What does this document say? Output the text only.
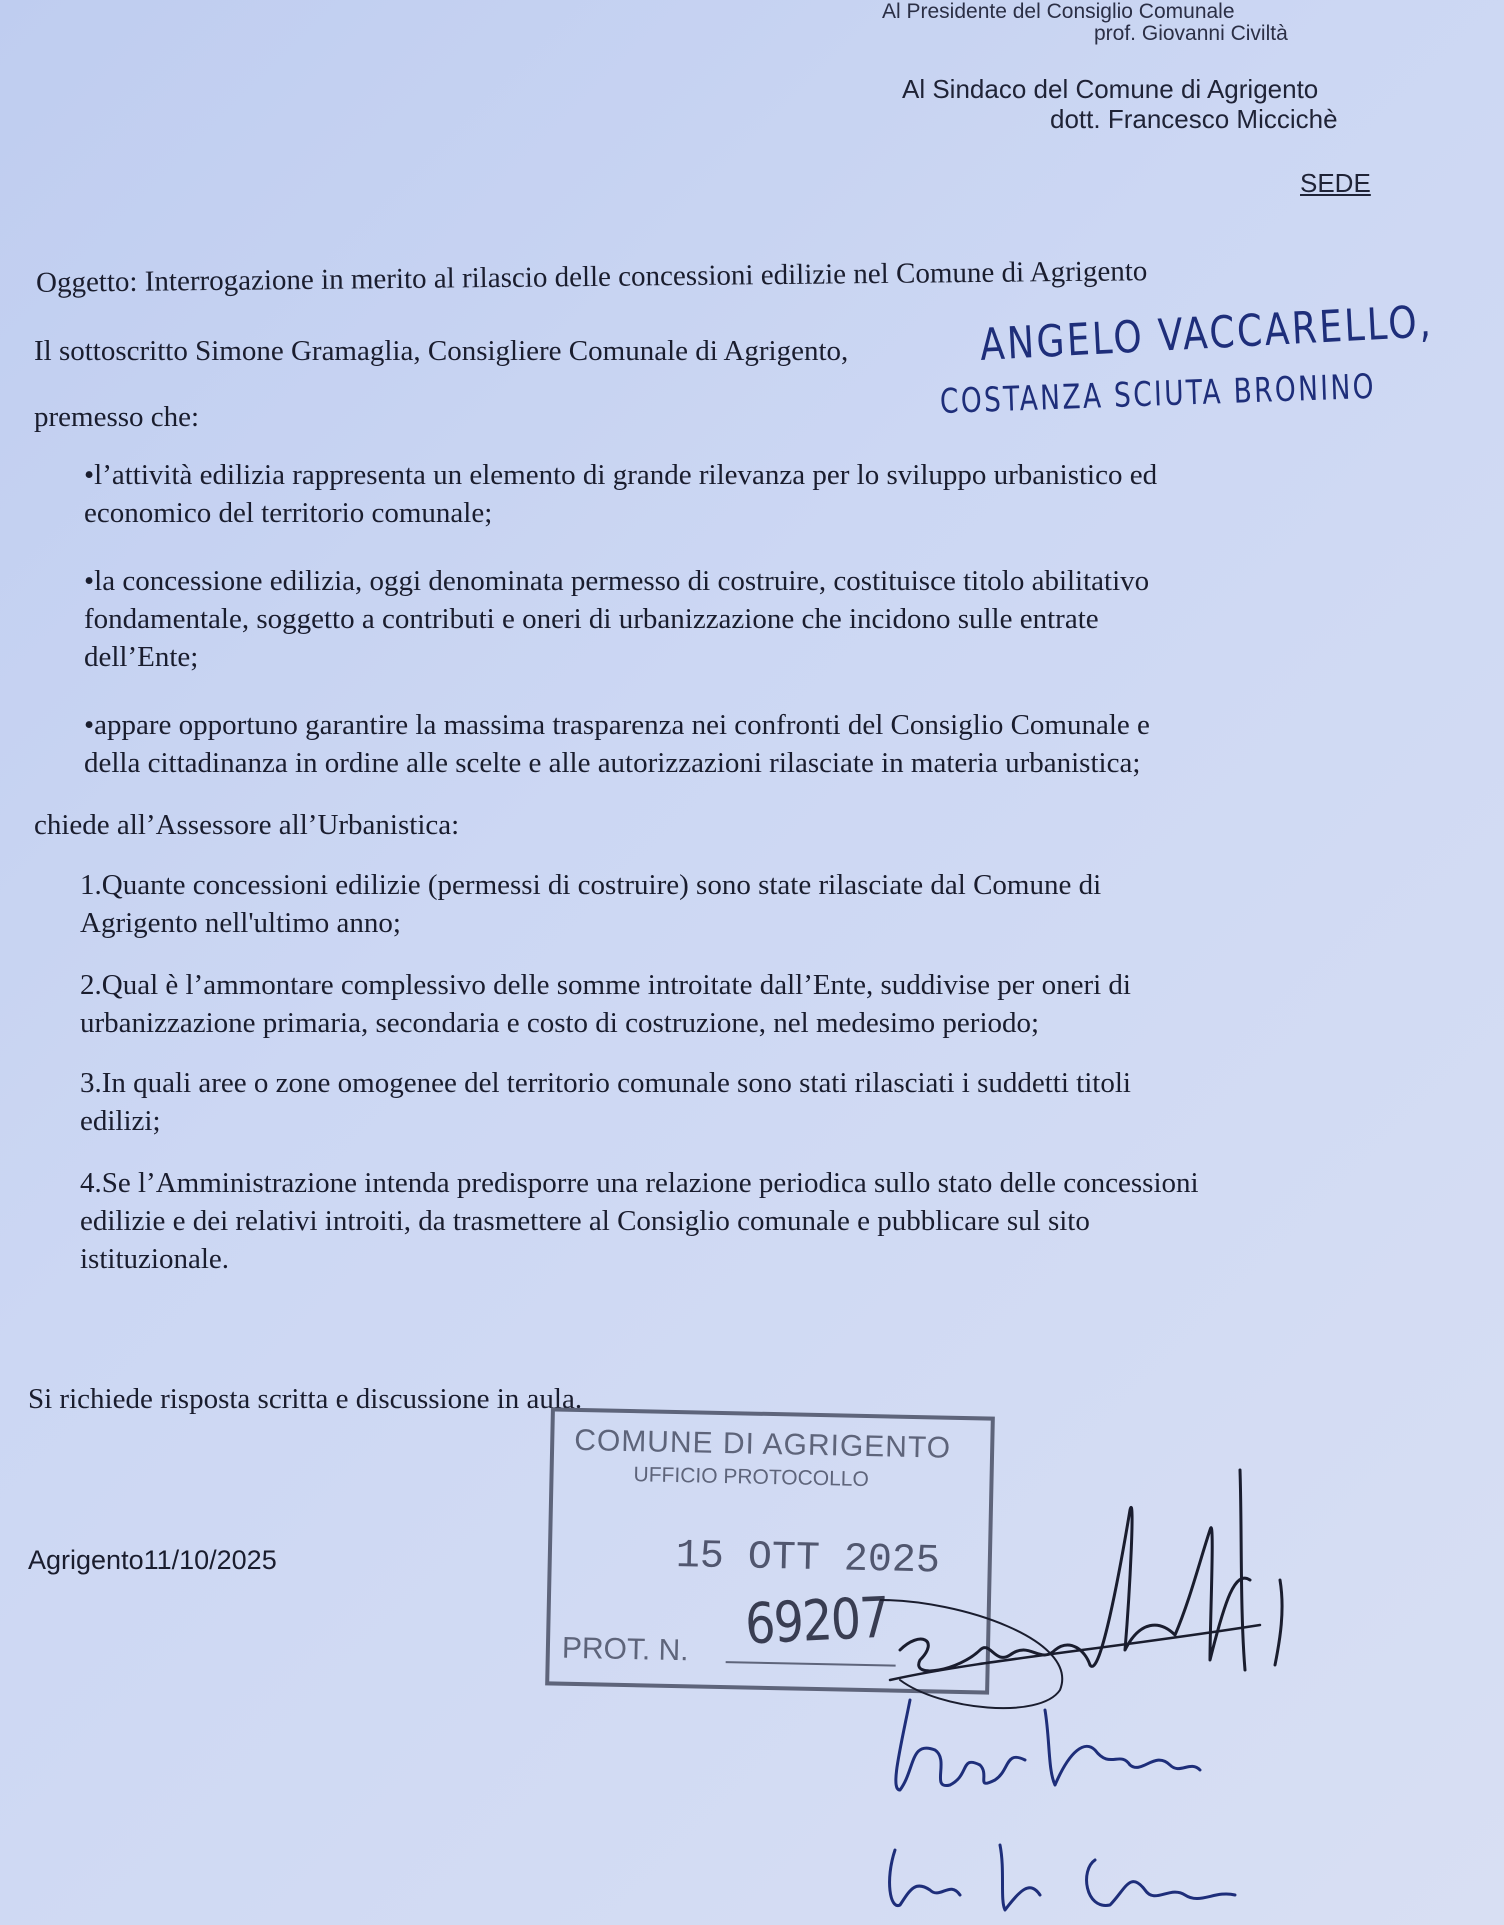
Al Presidente del Consiglio Comunale
prof. Giovanni Civiltà
Al Sindaco del Comune di Agrigento
dott. Francesco Miccichè
SEDE
Oggetto: Interrogazione in merito al rilascio delle concessioni edilizie nel Comune di Agrigento
Il sottoscritto Simone Gramaglia, Consigliere Comunale di Agrigento,	ANGELO VACCARELLO,
COSTANZA SCIUTA BRONINO
premesso che:
•l’attività edilizia rappresenta un elemento di grande rilevanza per lo sviluppo urbanistico ed
economico del territorio comunale;
•la concessione edilizia, oggi denominata permesso di costruire, costituisce titolo abilitativo
fondamentale, soggetto a contributi e oneri di urbanizzazione che incidono sulle entrate
dell’Ente;
•appare opportuno garantire la massima trasparenza nei confronti del Consiglio Comunale e
della cittadinanza in ordine alle scelte e alle autorizzazioni rilasciate in materia urbanistica;
chiede all’Assessore all’Urbanistica:
1.Quante concessioni edilizie (permessi di costruire) sono state rilasciate dal Comune di
Agrigento nell'ultimo anno;
2.Qual è l’ammontare complessivo delle somme introitate dall’Ente, suddivise per oneri di
urbanizzazione primaria, secondaria e costo di costruzione, nel medesimo periodo;
3.In quali aree o zone omogenee del territorio comunale sono stati rilasciati i suddetti titoli
edilizi;
4.Se l’Amministrazione intenda predisporre una relazione periodica sullo stato delle concessioni
edilizie e dei relativi introiti, da trasmettere al Consiglio comunale e pubblicare sul sito
istituzionale.
Si richiede risposta scritta e discussione in aula.
Agrigento11/10/2025
COMUNE DI AGRIGENTO
UFFICIO PROTOCOLLO
15 OTT 2025
PROT. N. 69207
